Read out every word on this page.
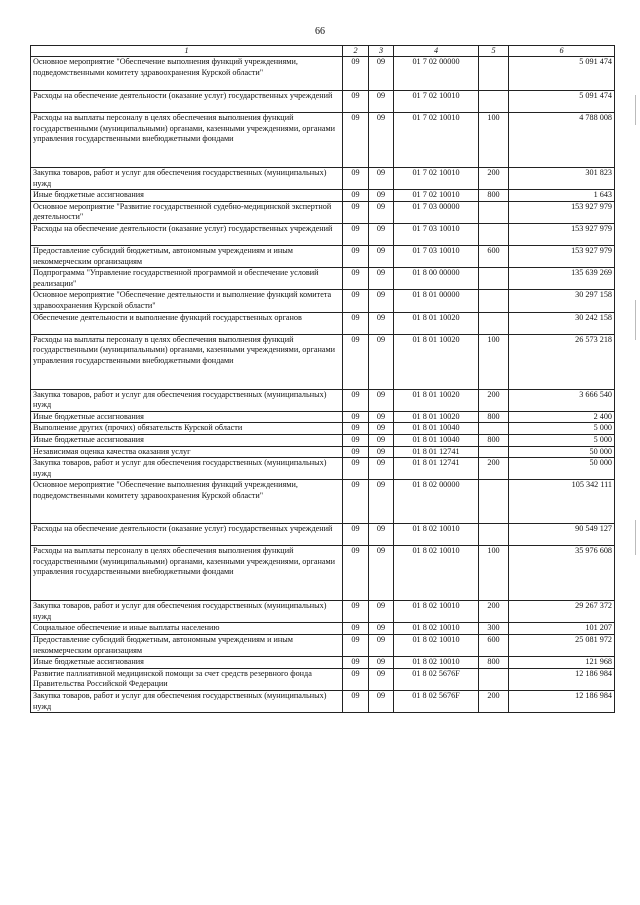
66
1	2	3	4	5	6
Основное мероприятие "Обеспечение выполнения функций учреждениями, подведомственными комитету здравоохранения Курской области"	09	09	01 7 02 00000		5 091 474
Расходы на обеспечение деятельности (оказание услуг) государственных учреждений	09	09	01 7 02 10010		5 091 474
Расходы на выплаты персоналу в целях обеспечения выполнения функций государственными (муниципальными) органами, казенными учреждениями, органами управления государственными внебюджетными фондами	09	09	01 7 02 10010	100	4 788 008
Закупка товаров, работ и услуг для обеспечения государственных (муниципальных) нужд	09	09	01 7 02 10010	200	301 823
Иные бюджетные ассигнования	09	09	01 7 02 10010	800	1 643
Основное мероприятие "Развитие государственной судебно-медицинской экспертной деятельности"	09	09	01 7 03 00000		153 927 979
Расходы на обеспечение деятельности (оказание услуг) государственных учреждений	09	09	01 7 03 10010		153 927 979
Предоставление субсидий бюджетным, автономным учреждениям и иным некоммерческим организациям	09	09	01 7 03 10010	600	153 927 979
Подпрограмма "Управление государственной программой и обеспечение условий реализации"	09	09	01 8 00 00000		135 639 269
Основное мероприятие "Обеспечение деятельности и выполнение функций комитета здравоохранения Курской области"	09	09	01 8 01 00000		30 297 158
Обеспечение деятельности и выполнение функций государственных органов	09	09	01 8 01 10020		30 242 158
Расходы на выплаты персоналу в целях обеспечения выполнения функций государственными (муниципальными) органами, казенными учреждениями, органами управления государственными внебюджетными фондами	09	09	01 8 01 10020	100	26 573 218
Закупка товаров, работ и услуг для обеспечения государственных (муниципальных) нужд	09	09	01 8 01 10020	200	3 666 540
Иные бюджетные ассигнования	09	09	01 8 01 10020	800	2 400
Выполнение других (прочих) обязательств Курской области	09	09	01 8 01 10040		5 000
Иные бюджетные ассигнования	09	09	01 8 01 10040	800	5 000
Независимая оценка качества оказания услуг	09	09	01 8 01 12741		50 000
Закупка товаров, работ и услуг для обеспечения государственных (муниципальных) нужд	09	09	01 8 01 12741	200	50 000
Основное мероприятие "Обеспечение выполнения функций учреждениями, подведомственными комитету здравоохранения Курской области"	09	09	01 8 02 00000		105 342 111
Расходы на обеспечение деятельности (оказание услуг) государственных учреждений	09	09	01 8 02 10010		90 549 127
Расходы на выплаты персоналу в целях обеспечения выполнения функций государственными (муниципальными) органами, казенными учреждениями, органами управления государственными внебюджетными фондами	09	09	01 8 02 10010	100	35 976 608
Закупка товаров, работ и услуг для обеспечения государственных (муниципальных) нужд	09	09	01 8 02 10010	200	29 267 372
Социальное обеспечение и иные выплаты населению	09	09	01 8 02 10010	300	101 207
Предоставление субсидий бюджетным, автономным учреждениям и иным некоммерческим организациям	09	09	01 8 02 10010	600	25 081 972
Иные бюджетные ассигнования	09	09	01 8 02 10010	800	121 968
Развитие паллиативной медицинской помощи за счет средств резервного фонда Правительства Российской Федерации	09	09	01 8 02 5676F		12 186 984
Закупка товаров, работ и услуг для обеспечения государственных (муниципальных) нужд	09	09	01 8 02 5676F	200	12 186 984
